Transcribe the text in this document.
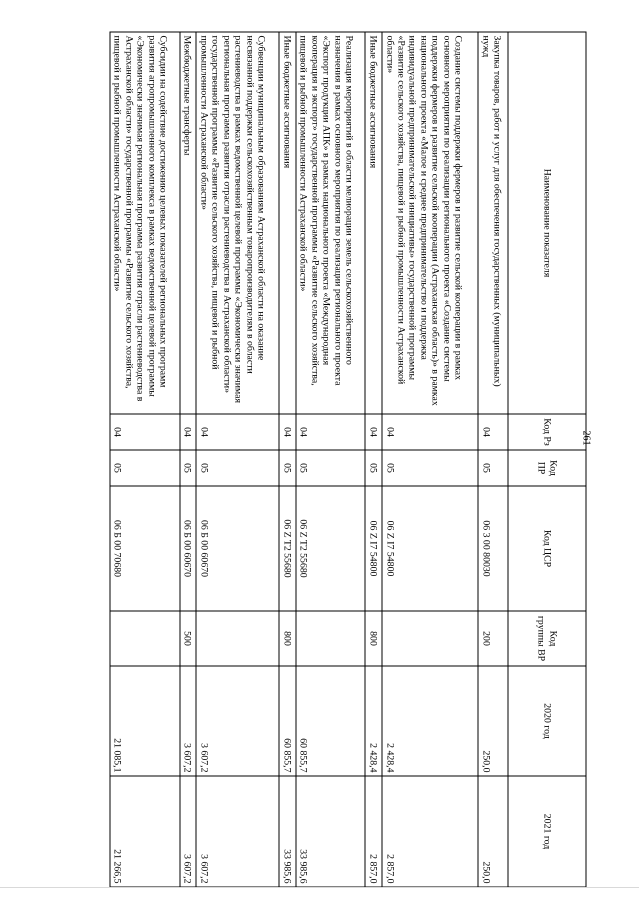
261
Наименование показателя	Код Рз	Код ПР	Код ЦСР	Код группы ВР	2020 год	2021 год
Закупка товаров, работ и услуг для обеспечения государственных (муниципальных) нужд	04	05	06 3 00 80030	200	250,0	250,0
Создание системы поддержки фермеров и развитие сельской кооперации в рамках основного мероприятия по реализации регионального проекта «Создание системы поддержки фермеров и развитие сельской кооперации (Астраханская область)» в рамках национального проекта «Малое и среднее предпринимательство и поддержка индивидуальной предпринимательской инициативы» государственной программы «Развитие сельского хозяйства, пищевой и рыбной промышленности Астраханской области»	04	05	06 Z I7 54800		2 428,4	2 857,0
Иные бюджетные ассигнования	04	05	06 Z I7 54800	800	2 428,4	2 857,0
Реализация мероприятий в области мелиорации земель сельскохозяйственного назначения в рамках основного мероприятия по реализации регионального проекта «Экспорт продукции АПК» в рамках национального проекта «Международная кооперация и экспорт» государственной программы «Развитие сельского хозяйства, пищевой и рыбной промышленности Астраханской области»	04	05	06 Z T2 55680		60 855,7	33 985,6
Иные бюджетные ассигнования	04	05	06 Z T2 55680	800	60 855,7	33 985,6
Субвенции муниципальным образованиям Астраханской области на оказание несвязанной поддержки сельскохозяйственным товаропроизводителям в области растениеводства в рамках ведомственной целевой программы «Экономически значимая региональная программа развития отрасли растениеводства в Астраханской области» государственной программы «Развитие сельского хозяйства, пищевой и рыбной промышленности Астраханской области»	04	05	06 Б 00 60670		3 607,2	3 607,2
Межбюджетные трансферты	04	05	06 Б 00 60670	500	3 607,2	3 607,2
Субсидии на содействие достижению целевых показателей региональных программ развития агропромышленного комплекса в рамках ведомственной целевой программы «Экономически значимая региональная программа развития отрасли растениеводства в Астраханской области» государственной программы «Развитие сельского хозяйства, пищевой и рыбной промышленности Астраханской области»	04	05	06 Б 00 70680		21 085,1	21 266,5
